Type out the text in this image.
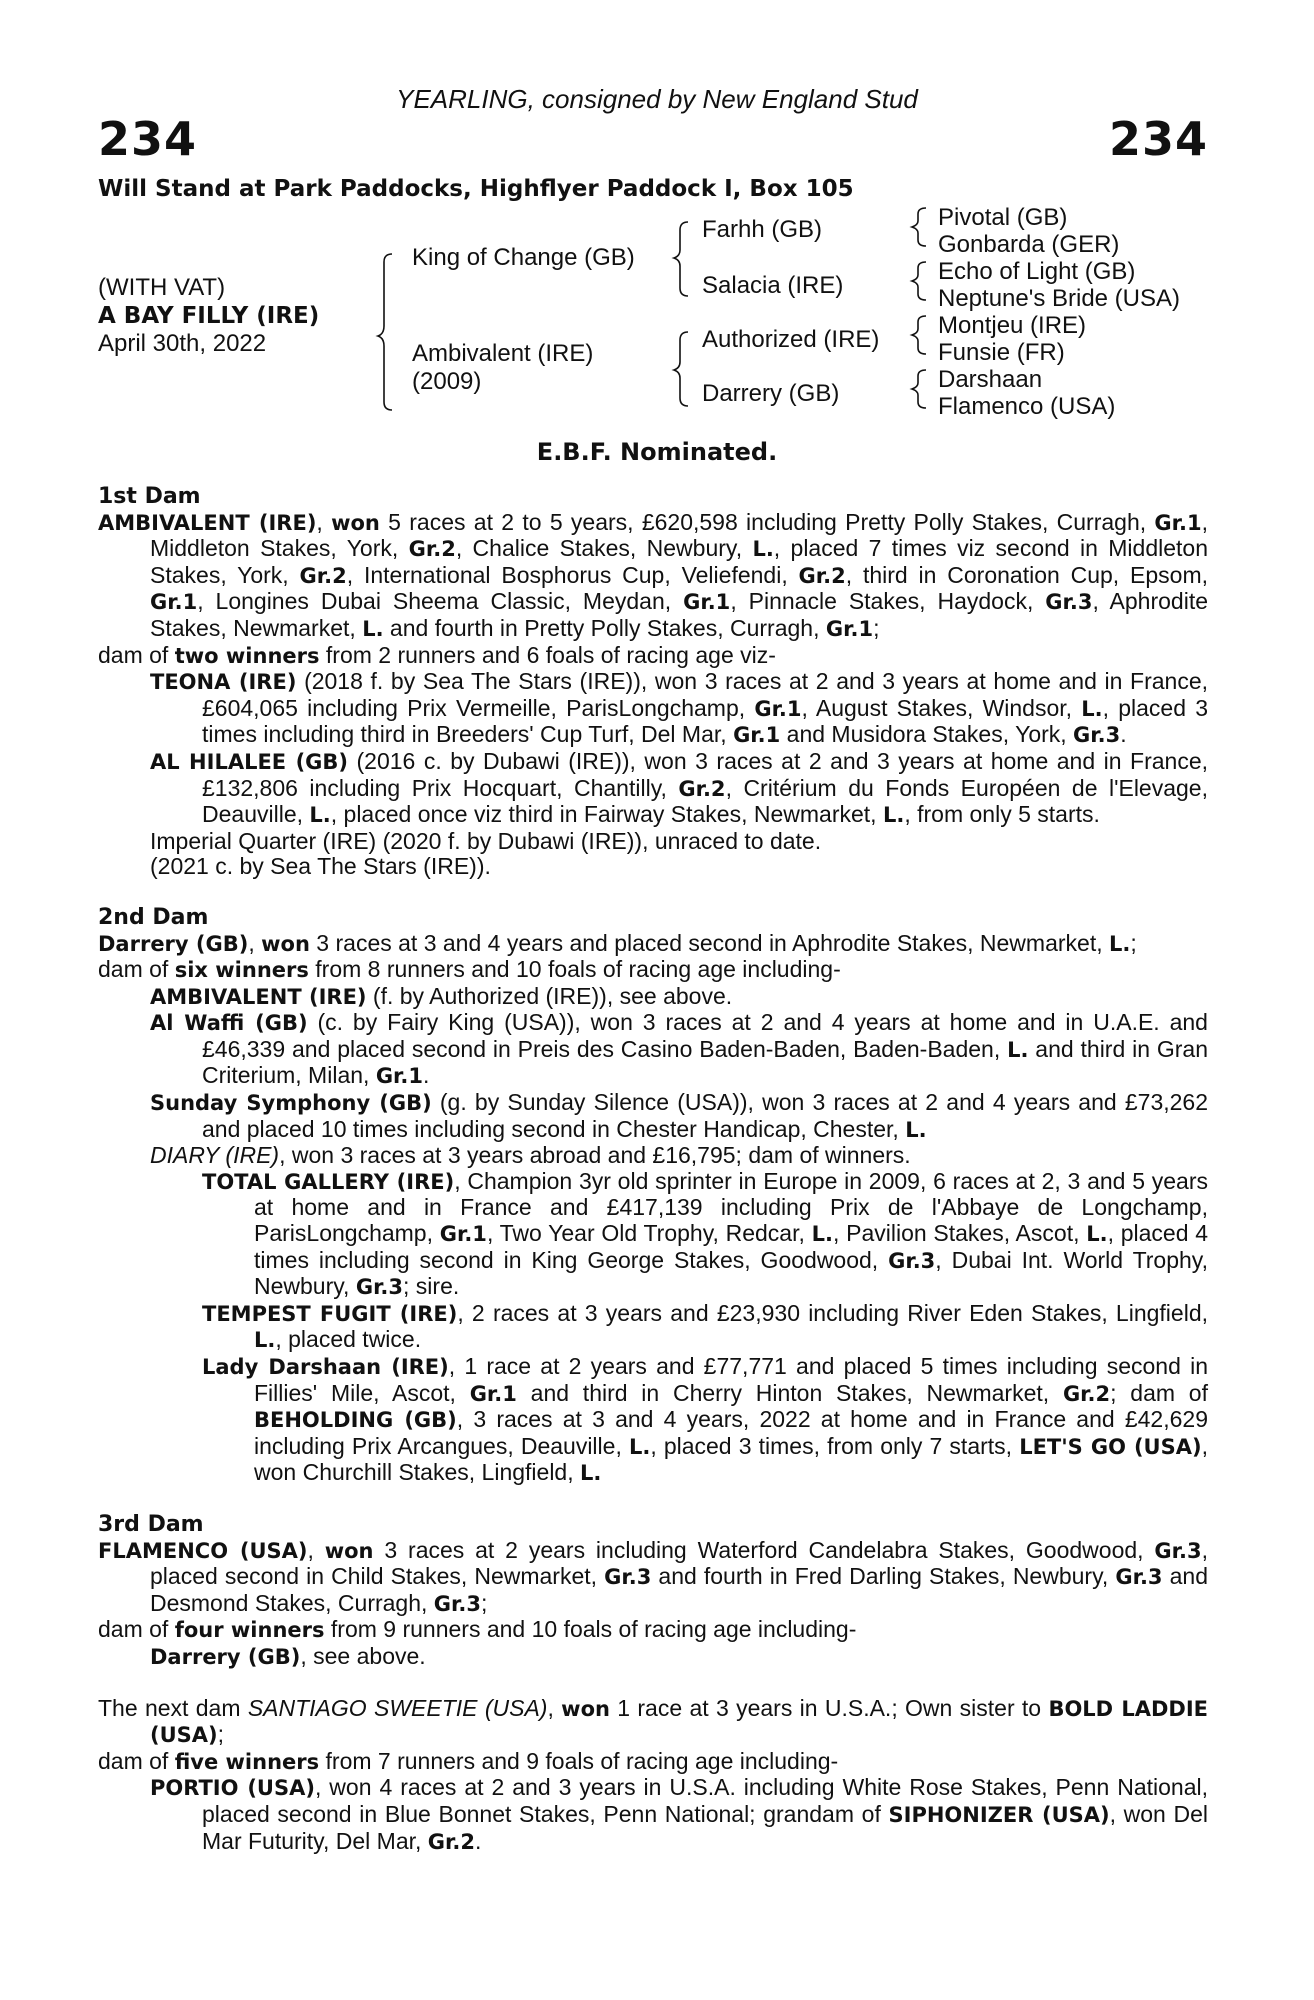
YEARLING, consigned by New England Stud
234	234
Will Stand at Park Paddocks, Highflyer Paddock I, Box 105
(WITH VAT)
A BAY FILLY (IRE)
April 30th, 2022
King of Change (GB)
Ambivalent (IRE)
(2009)
Farhh (GB)
Salacia (IRE)
Authorized (IRE)
Darrery (GB)
Pivotal (GB)
Gonbarda (GER)
Echo of Light (GB)
Neptune's Bride (USA)
Montjeu (IRE)
Funsie (FR)
Darshaan
Flamenco (USA)
E.B.F. Nominated.
1st Dam
AMBIVALENT (IRE), won 5 races at 2 to 5 years, £620,598 including Pretty Polly Stakes, Curragh, Gr.1, Middleton Stakes, York, Gr.2, Chalice Stakes, Newbury, L., placed 7 times viz second in Middleton Stakes, York, Gr.2, International Bosphorus Cup, Veliefendi, Gr.2, third in Coronation Cup, Epsom, Gr.1, Longines Dubai Sheema Classic, Meydan, Gr.1, Pinnacle Stakes, Haydock, Gr.3, Aphrodite Stakes, Newmarket, L. and fourth in Pretty Polly Stakes, Curragh, Gr.1;
dam of two winners from 2 runners and 6 foals of racing age viz-
TEONA (IRE) (2018 f. by Sea The Stars (IRE)), won 3 races at 2 and 3 years at home and in France, £604,065 including Prix Vermeille, ParisLongchamp, Gr.1, August Stakes, Windsor, L., placed 3 times including third in Breeders' Cup Turf, Del Mar, Gr.1 and Musidora Stakes, York, Gr.3.
AL HILALEE (GB) (2016 c. by Dubawi (IRE)), won 3 races at 2 and 3 years at home and in France, £132,806 including Prix Hocquart, Chantilly, Gr.2, Critérium du Fonds Européen de l'Elevage, Deauville, L., placed once viz third in Fairway Stakes, Newmarket, L., from only 5 starts.
Imperial Quarter (IRE) (2020 f. by Dubawi (IRE)), unraced to date.
(2021 c. by Sea The Stars (IRE)).
2nd Dam
Darrery (GB), won 3 races at 3 and 4 years and placed second in Aphrodite Stakes, Newmarket, L.;
dam of six winners from 8 runners and 10 foals of racing age including-
AMBIVALENT (IRE) (f. by Authorized (IRE)), see above.
Al Waffi (GB) (c. by Fairy King (USA)), won 3 races at 2 and 4 years at home and in U.A.E. and £46,339 and placed second in Preis des Casino Baden-Baden, Baden-Baden, L. and third in Gran Criterium, Milan, Gr.1.
Sunday Symphony (GB) (g. by Sunday Silence (USA)), won 3 races at 2 and 4 years and £73,262 and placed 10 times including second in Chester Handicap, Chester, L.
DIARY (IRE), won 3 races at 3 years abroad and £16,795; dam of winners.
TOTAL GALLERY (IRE), Champion 3yr old sprinter in Europe in 2009, 6 races at 2, 3 and 5 years at home and in France and £417,139 including Prix de l'Abbaye de Longchamp, ParisLongchamp, Gr.1, Two Year Old Trophy, Redcar, L., Pavilion Stakes, Ascot, L., placed 4 times including second in King George Stakes, Goodwood, Gr.3, Dubai Int. World Trophy, Newbury, Gr.3; sire.
TEMPEST FUGIT (IRE), 2 races at 3 years and £23,930 including River Eden Stakes, Lingfield, L., placed twice.
Lady Darshaan (IRE), 1 race at 2 years and £77,771 and placed 5 times including second in Fillies' Mile, Ascot, Gr.1 and third in Cherry Hinton Stakes, Newmarket, Gr.2; dam of BEHOLDING (GB), 3 races at 3 and 4 years, 2022 at home and in France and £42,629 including Prix Arcangues, Deauville, L., placed 3 times, from only 7 starts, LET'S GO (USA), won Churchill Stakes, Lingfield, L.
3rd Dam
FLAMENCO (USA), won 3 races at 2 years including Waterford Candelabra Stakes, Goodwood, Gr.3, placed second in Child Stakes, Newmarket, Gr.3 and fourth in Fred Darling Stakes, Newbury, Gr.3 and Desmond Stakes, Curragh, Gr.3;
dam of four winners from 9 runners and 10 foals of racing age including-
Darrery (GB), see above.
The next dam SANTIAGO SWEETIE (USA), won 1 race at 3 years in U.S.A.; Own sister to BOLD LADDIE (USA);
dam of five winners from 7 runners and 9 foals of racing age including-
PORTIO (USA), won 4 races at 2 and 3 years in U.S.A. including White Rose Stakes, Penn National, placed second in Blue Bonnet Stakes, Penn National; grandam of SIPHONIZER (USA), won Del Mar Futurity, Del Mar, Gr.2.
